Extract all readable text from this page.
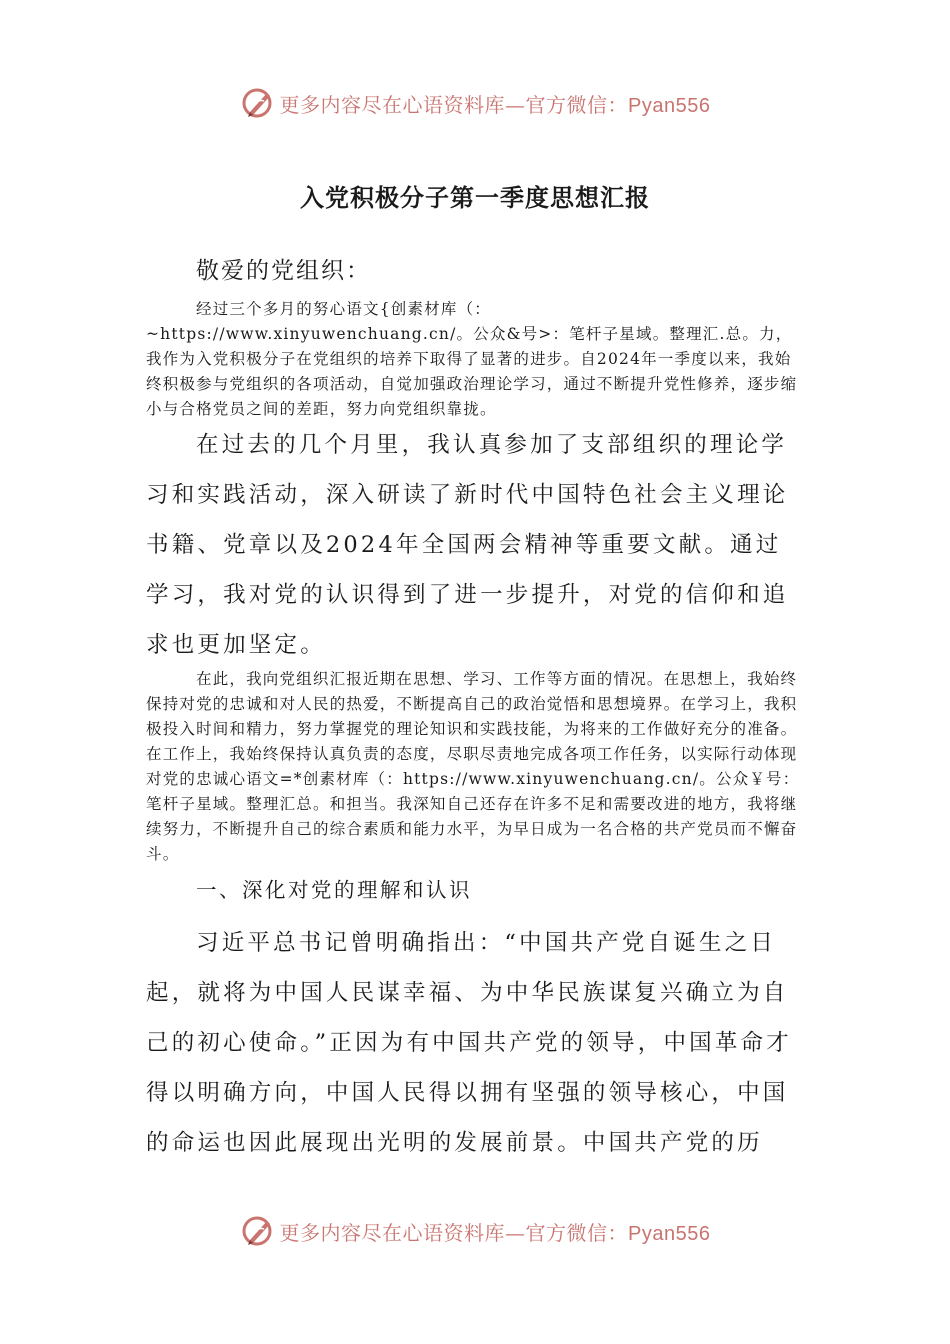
更多内容尽在心语资料库—官方微信：Pyan556
入党积极分子第一季度思想汇报

敬爱的党组织：

经过三个多月的努心语文{创素材库（：~https://www.xinyuwenchuang.cn/。公众&号>：笔杆子星域。整理汇.总。力，我作为入党积极分子在党组织的培养下取得了显著的进步。自2024年一季度以来，我始终积极参与党组织的各项活动，自觉加强政治理论学习，通过不断提升党性修养，逐步缩小与合格党员之间的差距，努力向党组织靠拢。

在过去的几个月里，我认真参加了支部组织的理论学习和实践活动，深入研读了新时代中国特色社会主义理论书籍、党章以及2024年全国两会精神等重要文献。通过学习，我对党的认识得到了进一步提升，对党的信仰和追求也更加坚定。

在此，我向党组织汇报近期在思想、学习、工作等方面的情况。在思想上，我始终保持对党的忠诚和对人民的热爱，不断提高自己的政治觉悟和思想境界。在学习上，我积极投入时间和精力，努力掌握党的理论知识和实践技能，为将来的工作做好充分的准备。在工作上，我始终保持认真负责的态度，尽职尽责地完成各项工作任务，以实际行动体现对党的忠诚心语文=*创素材库（：https://www.xinyuwenchuang.cn/。公众￥号：笔杆子星域。整理汇总。和担当。我深知自己还存在许多不足和需要改进的地方，我将继续努力，不断提升自己的综合素质和能力水平，为早日成为一名合格的共产党员而不懈奋斗。

一、深化对党的理解和认识

习近平总书记曾明确指出：“中国共产党自诞生之日起，就将为中国人民谋幸福、为中华民族谋复兴确立为自己的初心使命。”正因为有中国共产党的领导，中国革命才得以明确方向，中国人民得以拥有坚强的领导核心，中国的命运也因此展现出光明的发展前景。中国共产党的历

更多内容尽在心语资料库—官方微信：Pyan556
